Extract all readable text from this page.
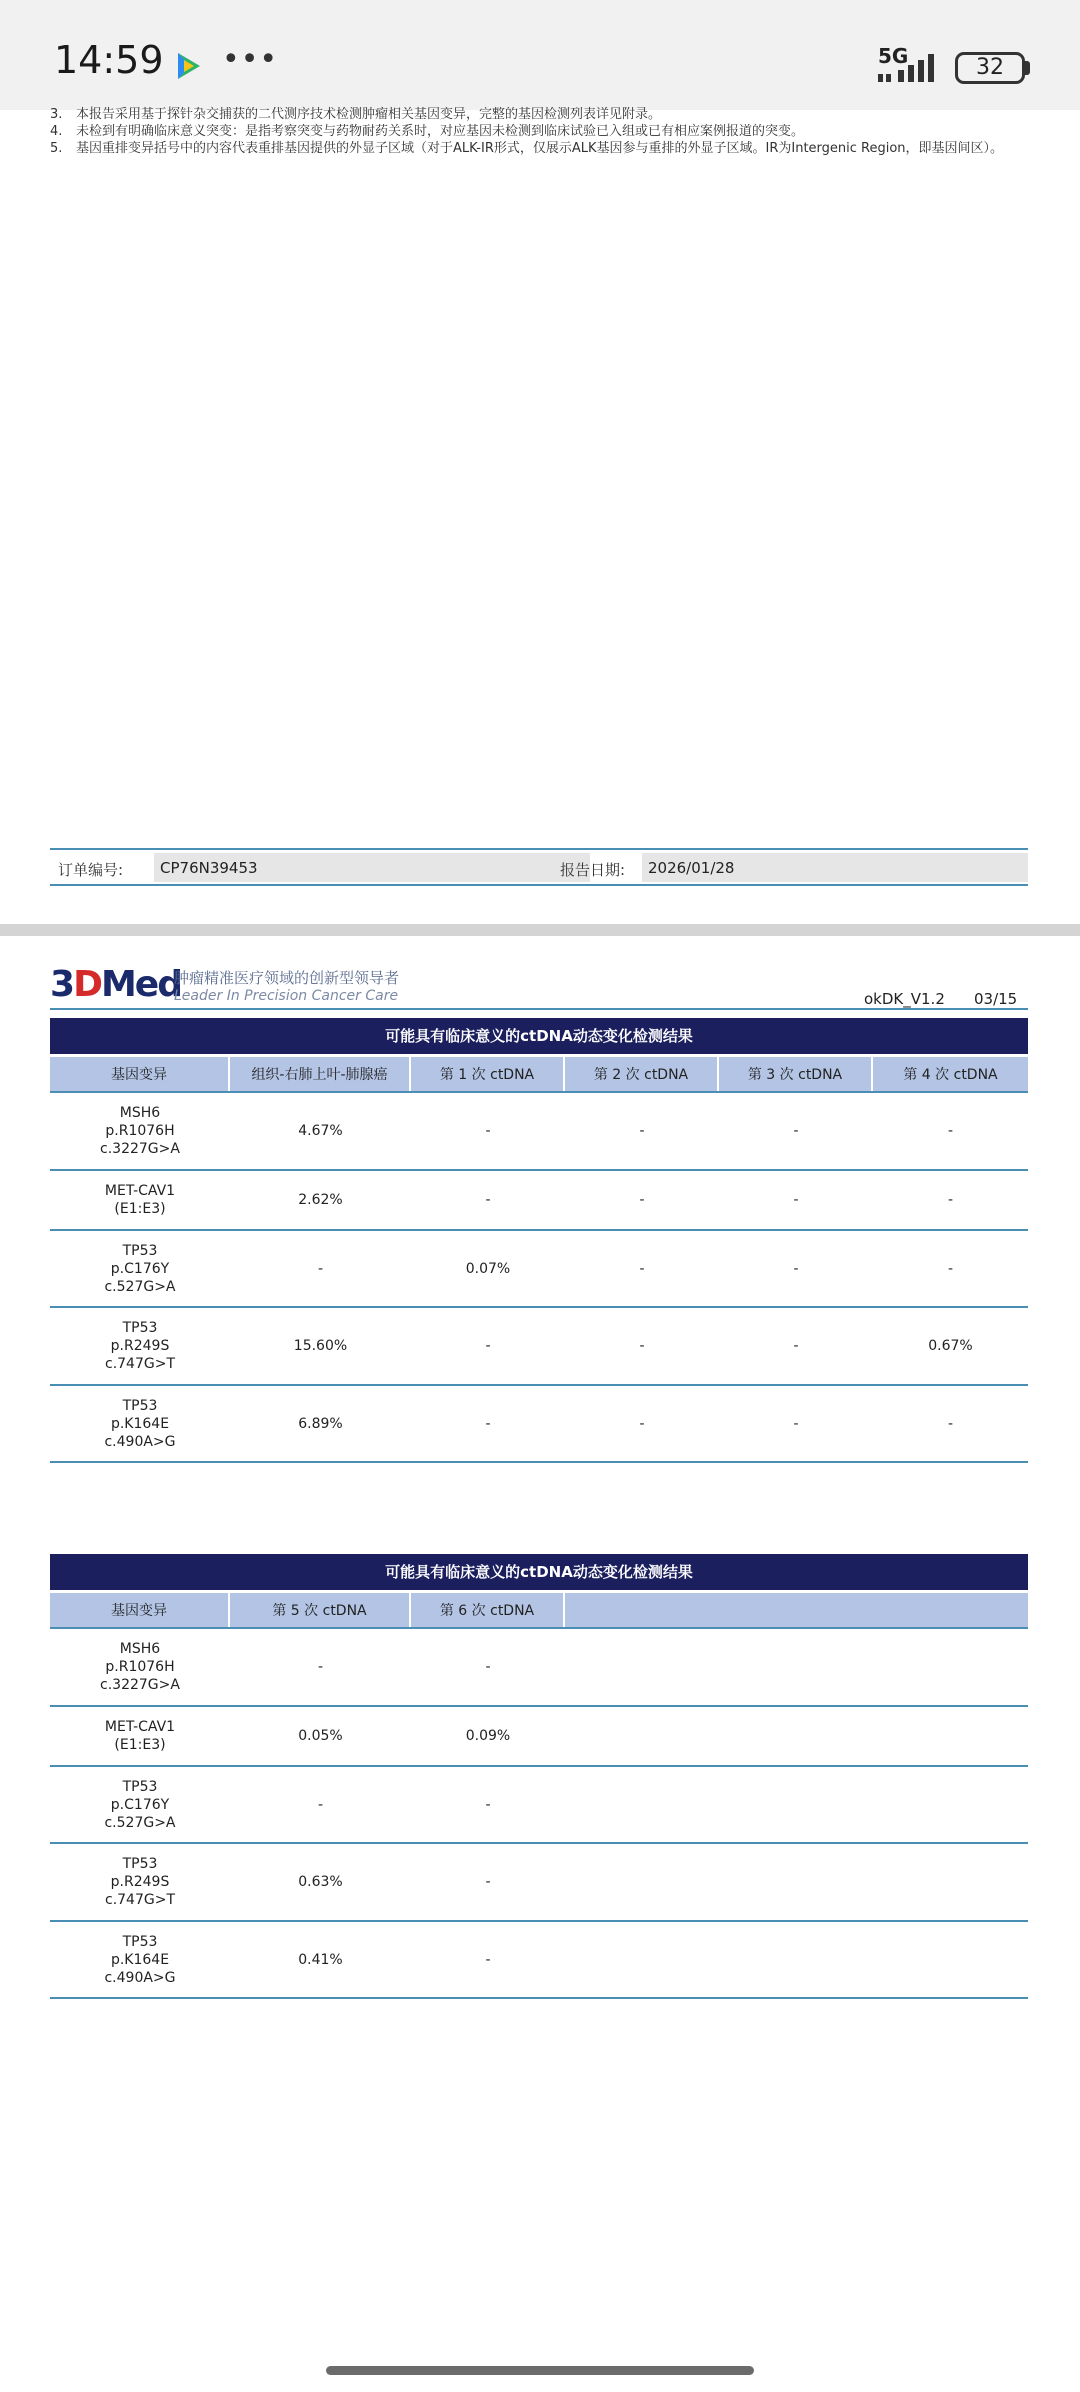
14:59 •••	5G	32
3.	本报告采用基于探针杂交捕获的二代测序技术检测肿瘤相关基因变异，完整的基因检测列表详见附录。
4.	未检到有明确临床意义突变：是指考察突变与药物耐药关系时，对应基因未检测到临床试验已入组或已有相应案例报道的突变。
5.	基因重排变异括号中的内容代表重排基因提供的外显子区域（对于ALK-IR形式，仅展示ALK基因参与重排的外显子区域。IR为Intergenic Region，即基因间区）。
订单编号:	CP76N39453	报告日期:	2026/01/28
3DMed
肿瘤精准医疗领域的创新型领导者
Leader In Precision Cancer Care	okDK_V1.2 03/15
可能具有临床意义的ctDNA动态变化检测结果
基因变异	组织-右肺上叶-肺腺癌	第 1 次 ctDNA	第 2 次 ctDNA	第 3 次 ctDNA	第 4 次 ctDNA
MSH6
p.R1076H
c.3227G>A
4.67%	-	-	-	-
MET-CAV1
(E1:E3)
2.62%	-	-	-	-
TP53
p.C176Y
c.527G>A
-	0.07%	-	-	-
TP53
p.R249S
c.747G>T
15.60%	-	-	-	0.67%
TP53
p.K164E
c.490A>G
6.89%	-	-	-	-
可能具有临床意义的ctDNA动态变化检测结果
基因变异	第 5 次 ctDNA	第 6 次 ctDNA
MSH6
p.R1076H
c.3227G>A
-	-
MET-CAV1
(E1:E3)
0.05%	0.09%
TP53
p.C176Y
c.527G>A
-	-
TP53
p.R249S
c.747G>T
0.63%	-
TP53
p.K164E
c.490A>G
0.41%	-
